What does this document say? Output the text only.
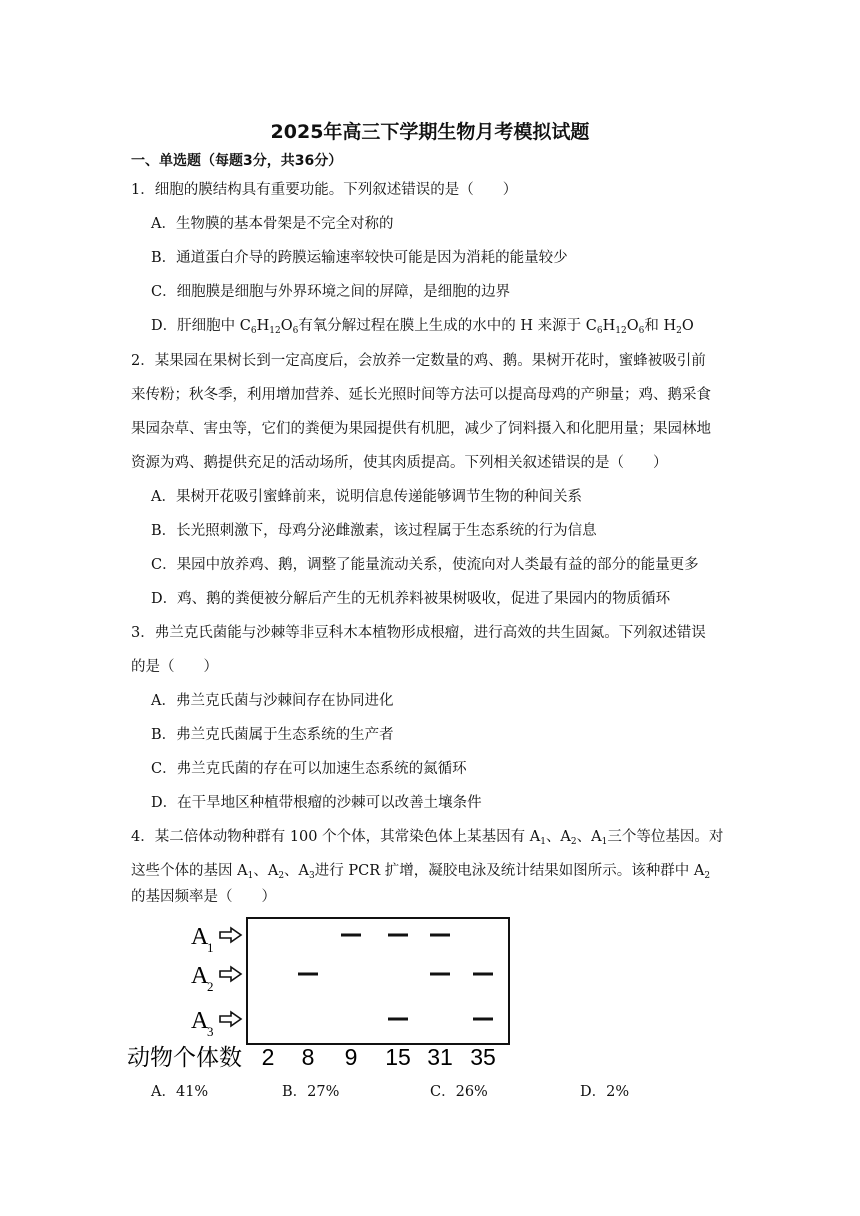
2025年高三下学期生物月考模拟试题
一、单选题（每题3分，共36分）
1．细胞的膜结构具有重要功能。下列叙述错误的是（　　）
A．生物膜的基本骨架是不完全对称的
B．通道蛋白介导的跨膜运输速率较快可能是因为消耗的能量较少
C．细胞膜是细胞与外界环境之间的屏障，是细胞的边界
D．肝细胞中 $C_6H_{12}O_6$有氧分解过程在膜上生成的水中的 H 来源于 $C_6H_{12}O_6$和 $H_2O$
2．某果园在果树长到一定高度后，会放养一定数量的鸡、鹅。果树开花时，蜜蜂被吸引前
来传粉；秋冬季，利用增加营养、延长光照时间等方法可以提高母鸡的产卵量；鸡、鹅采食
果园杂草、害虫等，它们的粪便为果园提供有机肥，减少了饲料摄入和化肥用量；果园林地
资源为鸡、鹅提供充足的活动场所，使其肉质提高。下列相关叙述错误的是（　　）
A．果树开花吸引蜜蜂前来，说明信息传递能够调节生物的种间关系
B．长光照刺激下，母鸡分泌雌激素，该过程属于生态系统的行为信息
C．果园中放养鸡、鹅，调整了能量流动关系，使流向对人类最有益的部分的能量更多
D．鸡、鹅的粪便被分解后产生的无机养料被果树吸收，促进了果园内的物质循环
3．弗兰克氏菌能与沙棘等非豆科木本植物形成根瘤，进行高效的共生固氮。下列叙述错误
的是（　　）
A．弗兰克氏菌与沙棘间存在协同进化
B．弗兰克氏菌属于生态系统的生产者
C．弗兰克氏菌的存在可以加速生态系统的氮循环
D．在干旱地区种植带根瘤的沙棘可以改善土壤条件
4．某二倍体动物种群有 100 个个体，其常染色体上某基因有 $A_1$、$A_2$、$A_1$三个等位基因。对
这些个体的基因 $A_1$、$A_2$、$A_3$进行 PCR 扩增，凝胶电泳及统计结果如图所示。该种群中 $A_2$
的基因频率是（　　）
A
1
A
2
A
3
动物个体数 2 8 9 15 31 35
A．41%	B．27%	C．26%	D．2%
